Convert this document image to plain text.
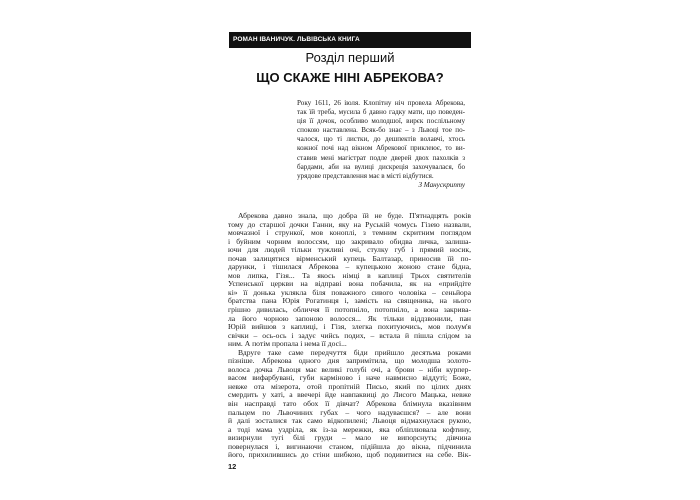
РОМАН ІВАНИЧУК. ЛЬВІВСЬКА КНИГА
Розділ перший
ЩО СКАЖЕ НІНІ АБРЕКОВА?
Року 1611, 26 іюля. Клопітну ніч провела Абрекова,
так їй треба, мусила б давно гадку мати, що поведен-
ція її дочок, особливо молодшої, вирєк послільному
спокою наставлена. Всяк-бо знає – з Львоці тое по-
чалося, що ті листки, до дешпектів волавчі, хтось
кожної почі над вікном Абрекової приклеює, то ви-
ставив мені магістрат подле дверей двох пахолків з
бардами, аби на вулиці дискреція захочувалася, бо
урядове представлення має в місті відбутися.
З Манускрипту
Абрекова давно знала, що добра їй не буде. П'ятнадцять років
тому до старшої дочки Ганни, яку на Руській чомусь Гізею назвали,
мовчазної і стрункої, мов коноплі, з темним скритним поглядом
і буйним чорним волоссям, що закривало обидва личка, залиша-
ючи для людей тільки тужливі очі, стулку губ і прямий носик,
почав залицятися вірменський купець Балтазар, приносив їй по-
дарунки, і тішилася Абрекова – купецькою жоною стане бідна,
мов липка, Гізя... Та якось німці в каплиці Трьох святителів
Успенської церкви на відправі вона побачила, як на «прийдіте
кі» її донька уклякла біля поважного сивого чоловіка – сеньйора
братства пана Юрія Рогатинця і, замість на священика, на нього
грішно дивилась, обличчя її потопніло, потопніло, а вона закрива-
ла його чорною запоною волосся... Як тільки віддзвонили, пан
Юрій вийшов з каплиці, і Гізя, злегка похитуючись, мов полум'я
свічки – ось-ось і задує чийсь подих, – встала й пішла слідом за
ним. А потім пропала і нема її досі...
Вдруге таке саме передчуття біди прийшло десятьма роками
пізніше. Абрекова одного дня запримітила, що молодша золото-
волоса дочка Львоця має великі голубі очі, а брови – ніби курпер-
васом вифарбувані, губи карміново і наче навмисно віддуті; Боже,
невже ота мізерота, отой пропітній Письо, який по цілих днях
смердить у хаті, а ввечері йде навпаквиці до Лисого Мацька, невже
він насправді тато обох її дівчат? Абрекова блімнула вказівним
пальцем по Львочиних губах – чого надуваєшся? – але вони
й далі зосталися так само відкопилені; Львоця відмахнулася рукою,
а тоді мама уздріла, як із-за мережки, яка обліплювала кофтину,
визирнули тугі білі груди – мало не випорснуть; дівчина
повернулася і, вигинаючи станом, підійшла до вікна, підчинила
його, прихилившись до стіни шибкою, щоб подивитися на себе. Вік-
12
